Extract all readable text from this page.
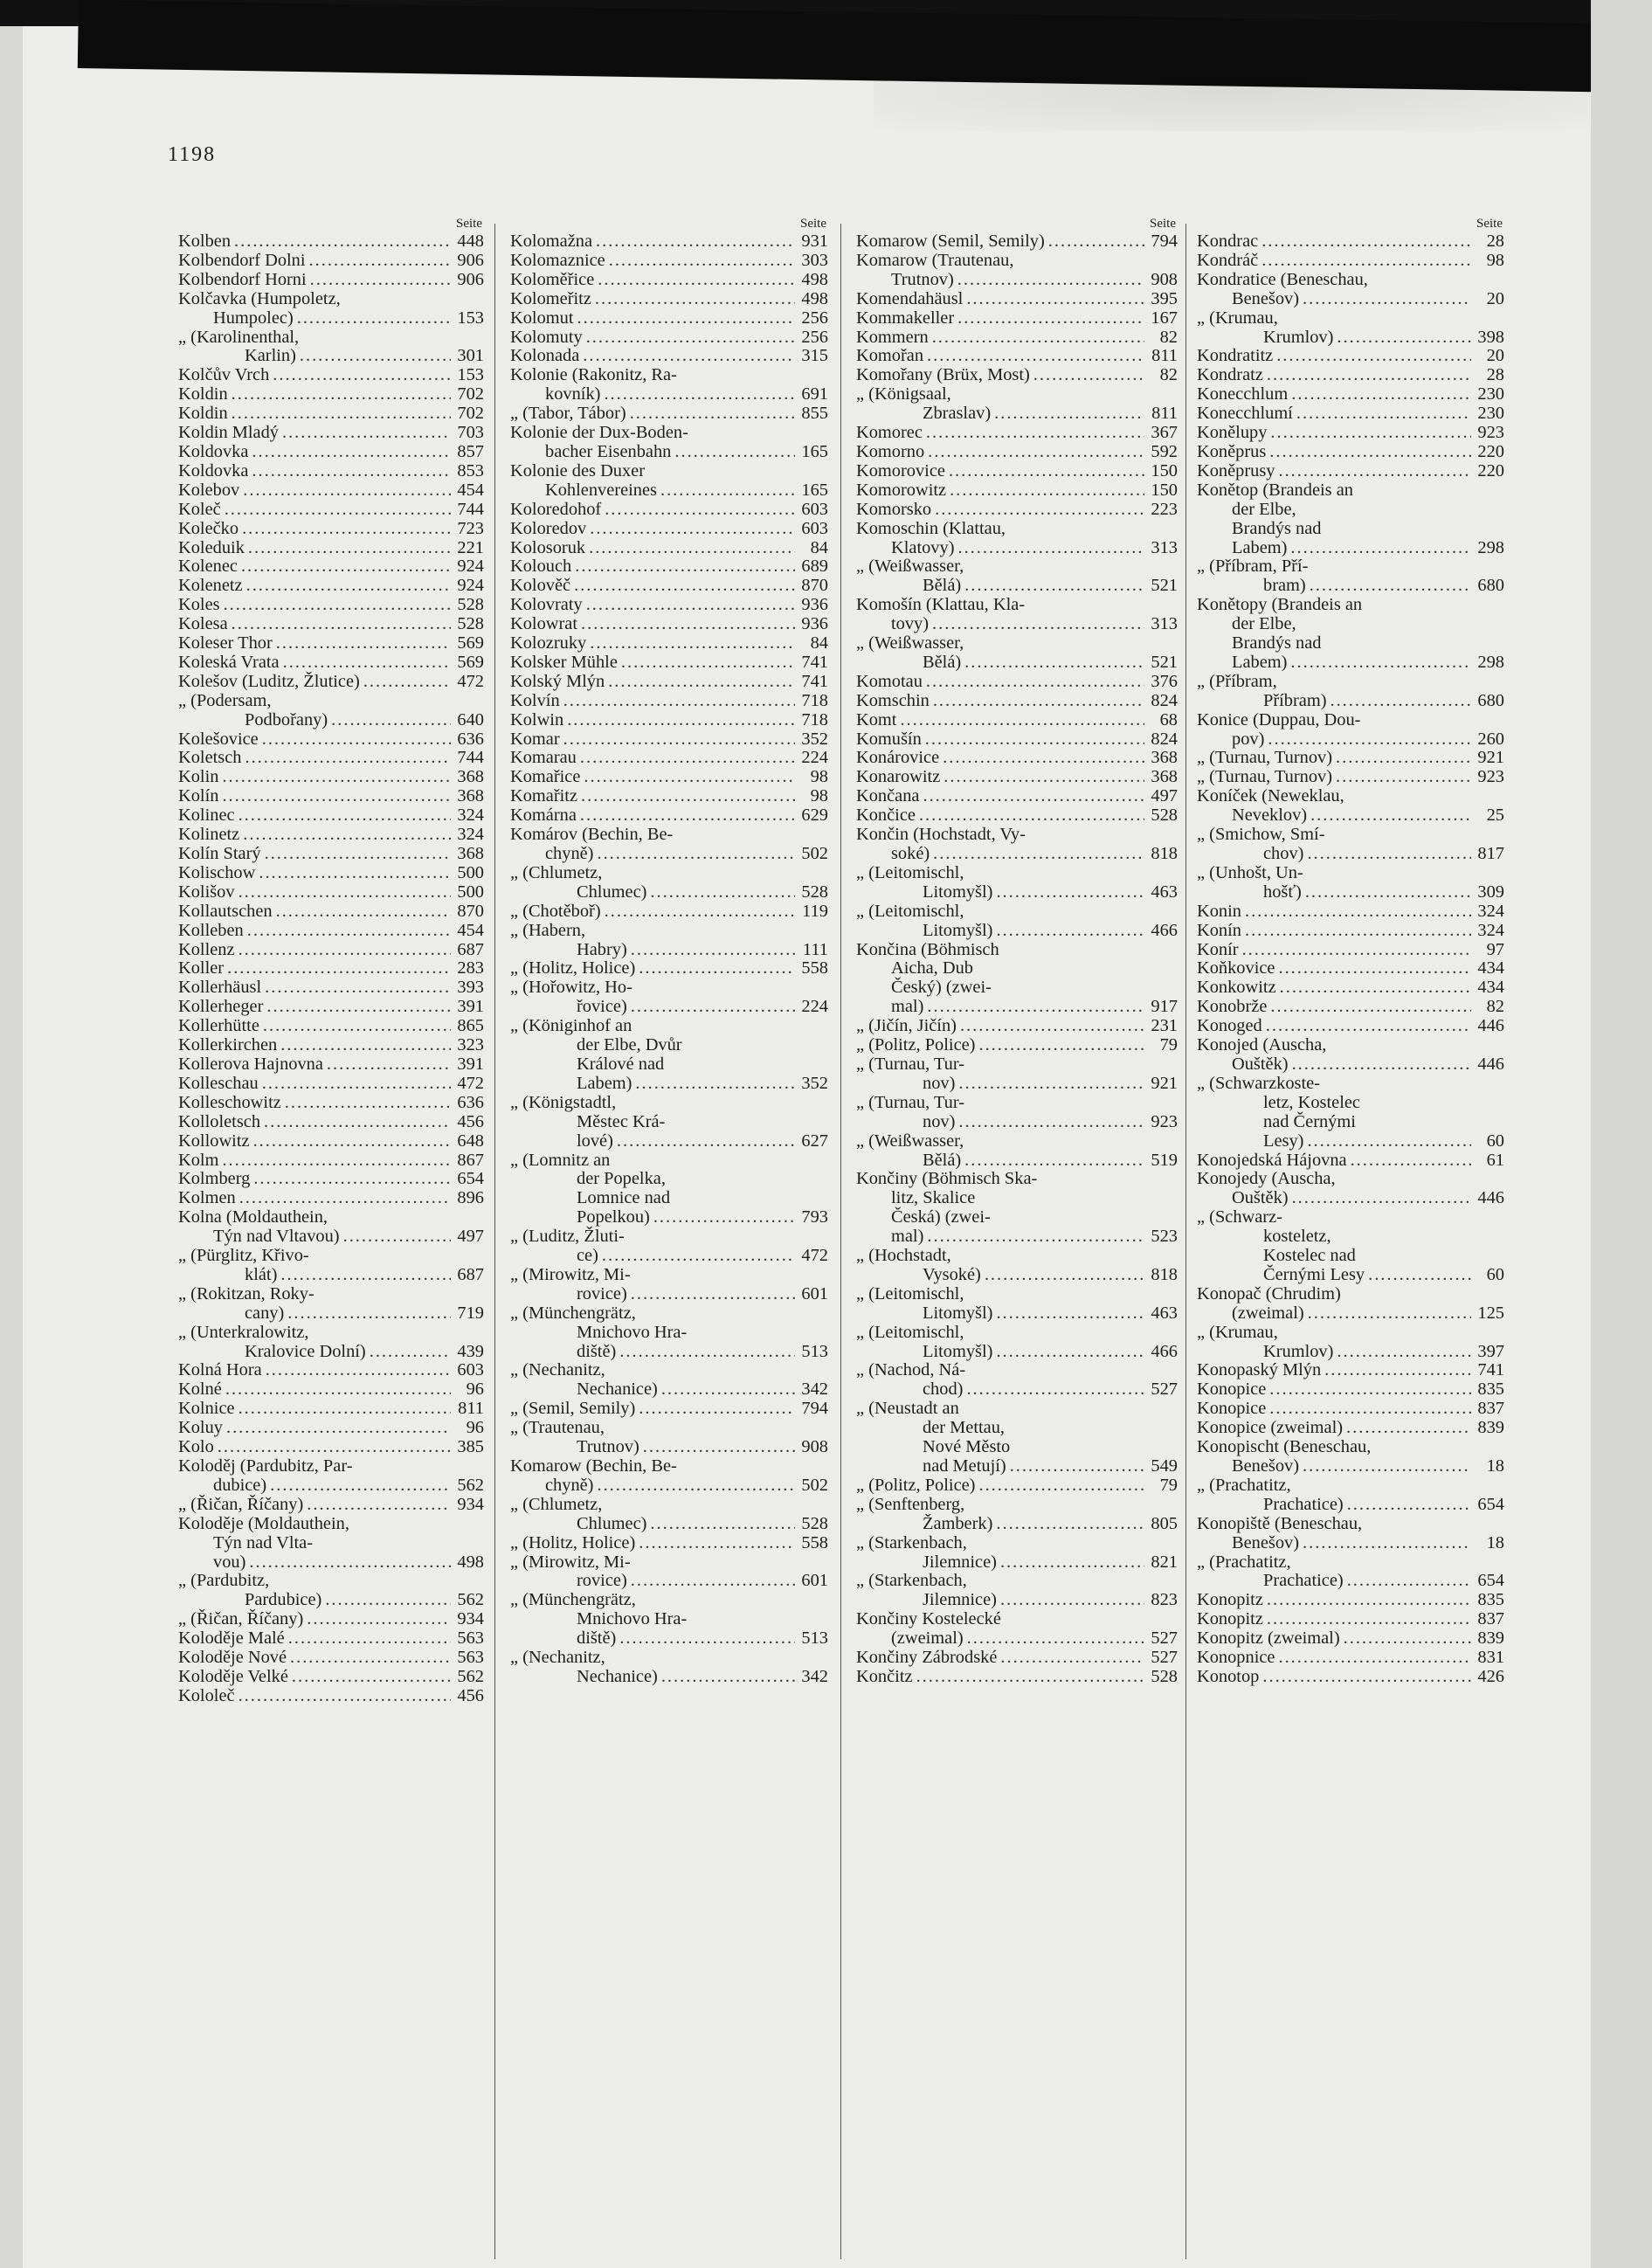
1198
Seite
Kolben .....	448
Kolbendorf Dolni .....	906
Kolbendorf Horni .....	906
Kolčavka (Humpoletz,
Humpolec) .....	153
„ (Karolinenthal,
Karlin) .....	301
Kolčův Vrch .....	153
Koldin .....	702
Koldin .....	702
Koldin Mladý .....	703
Koldovka .....	857
Koldovka .....	853
Kolebov .....	454
Koleč .....	744
Kolečko .....	723
Koleduik .....	221
Kolenec .....	924
Kolenetz .....	924
Koles .....	528
Kolesa .....	528
Koleser Thor .....	569
Koleská Vrata .....	569
Kolešov (Luditz, Žlutice) .....	472
„ (Podersam,
Podbořany) .....	640
Kolešovice .....	636
Koletsch .....	744
Kolin .....	368
Kolín .....	368
Kolinec .....	324
Kolinetz .....	324
Kolín Starý .....	368
Kolischow .....	500
Kolišov .....	500
Kollautschen .....	870
Kolleben .....	454
Kollenz .....	687
Koller .....	283
Kollerhäusl .....	393
Kollerheger .....	391
Kollerhütte .....	865
Kollerkirchen .....	323
Kollerova Hajnovna .....	391
Kolleschau .....	472
Kolleschowitz .....	636
Kolloletsch .....	456
Kollowitz .....	648
Kolm .....	867
Kolmberg .....	654
Kolmen .....	896
Kolna (Moldauthein,
Týn nad Vltavou) .....	497
„ (Pürglitz, Křivo-
klát) .....	687
„ (Rokitzan, Roky-
cany) .....	719
„ (Unterkralowitz,
Kralovice Dolní) .....	439
Kolná Hora .....	603
Kolné .....	96
Kolnice .....	811
Koluy .....	96
Kolo .....	385
Koloděj (Pardubitz, Par-
dubice) .....	562
„ (Řičan, Říčany) .....	934
Koloděje (Moldauthein,
Týn nad Vlta-
vou) .....	498
„ (Pardubitz,
Pardubice) .....	562
„ (Řičan, Říčany) .....	934
Koloděje Malé .....	563
Koloděje Nové .....	563
Koloděje Velké .....	562
Kololeč .....	456
Seite
Kolomažna .....	931
Kolomaznice .....	303
Koloměřice .....	498
Kolomeřitz .....	498
Kolomut .....	256
Kolomuty .....	256
Kolonada .....	315
Kolonie (Rakonitz, Ra-
kovník) .....	691
„ (Tabor, Tábor) .....	855
Kolonie der Dux-Boden-
bacher Eisenbahn .....	165
Kolonie des Duxer
Kohlenvereines .....	165
Koloredohof .....	603
Koloredov .....	603
Kolosoruk .....	84
Kolouch .....	689
Kolověč .....	870
Kolovraty .....	936
Kolowrat .....	936
Kolozruky .....	84
Kolsker Mühle .....	741
Kolský Mlýn .....	741
Kolvín .....	718
Kolwin .....	718
Komar .....	352
Komarau .....	224
Komařice .....	98
Komařitz .....	98
Komárna .....	629
Komárov (Bechin, Be-
chyně) .....	502
„ (Chlumetz,
Chlumec) .....	528
„ (Chotěboř) .....	119
„ (Habern,
Habry) .....	111
„ (Holitz, Holice) .....	558
„ (Hořowitz, Ho-
řovice) .....	224
„ (Königinhof an
der Elbe, Dvůr
Králové nad
Labem) .....	352
„ (Königstadtl,
Městec Krá-
lové) .....	627
„ (Lomnitz an
der Popelka,
Lomnice nad
Popelkou) .....	793
„ (Luditz, Žluti-
ce) .....	472
„ (Mirowitz, Mi-
rovice) .....	601
„ (Münchengrätz,
Mnichovo Hra-
diště) .....	513
„ (Nechanitz,
Nechanice) .....	342
„ (Semil, Semily) .....	794
„ (Trautenau,
Trutnov) .....	908
Komarow (Bechin, Be-
chyně) .....	502
„ (Chlumetz,
Chlumec) .....	528
„ (Holitz, Holice) .....	558
„ (Mirowitz, Mi-
rovice) .....	601
„ (Münchengrätz,
Mnichovo Hra-
diště) .....	513
„ (Nechanitz,
Nechanice) .....	342
Seite
Komarow (Semil, Semily) .....	794
Komarow (Trautenau,
Trutnov) .....	908
Komendahäusl .....	395
Kommakeller .....	167
Kommern .....	82
Komořan .....	811
Komořany (Brüx, Most) .....	82
„ (Königsaal,
Zbraslav) .....	811
Komorec .....	367
Komorno .....	592
Komorovice .....	150
Komorowitz .....	150
Komorsko .....	223
Komoschin (Klattau,
Klatovy) .....	313
„ (Weißwasser,
Bělá) .....	521
Komošín (Klattau, Kla-
tovy) .....	313
„ (Weißwasser,
Bělá) .....	521
Komotau .....	376
Komschin .....	824
Komt .....	68
Komušín .....	824
Konárovice .....	368
Konarowitz .....	368
Končana .....	497
Končice .....	528
Končin (Hochstadt, Vy-
soké) .....	818
„ (Leitomischl,
Litomyšl) .....	463
„ (Leitomischl,
Litomyšl) .....	466
Končina (Böhmisch
Aicha, Dub
Český) (zwei-
mal) .....	917
„ (Jičín, Jičín) .....	231
„ (Politz, Police) .....	79
„ (Turnau, Tur-
nov) .....	921
„ (Turnau, Tur-
nov) .....	923
„ (Weißwasser,
Bělá) .....	519
Končiny (Böhmisch Ska-
litz, Skalice
Česká) (zwei-
mal) .....	523
„ (Hochstadt,
Vysoké) .....	818
„ (Leitomischl,
Litomyšl) .....	463
„ (Leitomischl,
Litomyšl) .....	466
„ (Nachod, Ná-
chod) .....	527
„ (Neustadt an
der Mettau,
Nové Město
nad Metují) .....	549
„ (Politz, Police) .....	79
„ (Senftenberg,
Žamberk) .....	805
„ (Starkenbach,
Jilemnice) .....	821
„ (Starkenbach,
Jilemnice) .....	823
Končiny Kostelecké
(zweimal) .....	527
Končiny Zábrodské .....	527
Končitz .....	528
Seite
Kondrac .....	28
Kondráč .....	98
Kondratice (Beneschau,
Benešov) .....	20
„ (Krumau,
Krumlov) .....	398
Kondratitz .....	20
Kondratz .....	28
Konecchlum .....	230
Konecchlumí .....	230
Konělupy .....	923
Koněprus .....	220
Koněprusy .....	220
Konětop (Brandeis an
der Elbe,
Brandýs nad
Labem) .....	298
„ (Příbram, Pří-
bram) .....	680
Konětopy (Brandeis an
der Elbe,
Brandýs nad
Labem) .....	298
„ (Příbram,
Příbram) .....	680
Konice (Duppau, Dou-
pov) .....	260
„ (Turnau, Turnov) .....	921
„ (Turnau, Turnov) .....	923
Koníček (Neweklau,
Neveklov) .....	25
„ (Smichow, Smí-
chov) .....	817
„ (Unhošt, Un-
hošť) .....	309
Konin .....	324
Konín .....	324
Konír .....	97
Koňkovice .....	434
Konkowitz .....	434
Konobrže .....	82
Konoged .....	446
Konojed (Auscha,
Ouštěk) .....	446
„ (Schwarzkoste-
letz, Kostelec
nad Černými
Lesy) .....	60
Konojedská Hájovna .....	61
Konojedy (Auscha,
Ouštěk) .....	446
„ (Schwarz-
kosteletz,
Kostelec nad
Černými Lesy .....	60
Konopač (Chrudim)
(zweimal) .....	125
„ (Krumau,
Krumlov) .....	397
Konopaský Mlýn .....	741
Konopice .....	835
Konopice .....	837
Konopice (zweimal) .....	839
Konopischt (Beneschau,
Benešov) .....	18
„ (Prachatitz,
Prachatice) .....	654
Konopiště (Beneschau,
Benešov) .....	18
„ (Prachatitz,
Prachatice) .....	654
Konopitz .....	835
Konopitz .....	837
Konopitz (zweimal) .....	839
Konopnice .....	831
Konotop .....	426
